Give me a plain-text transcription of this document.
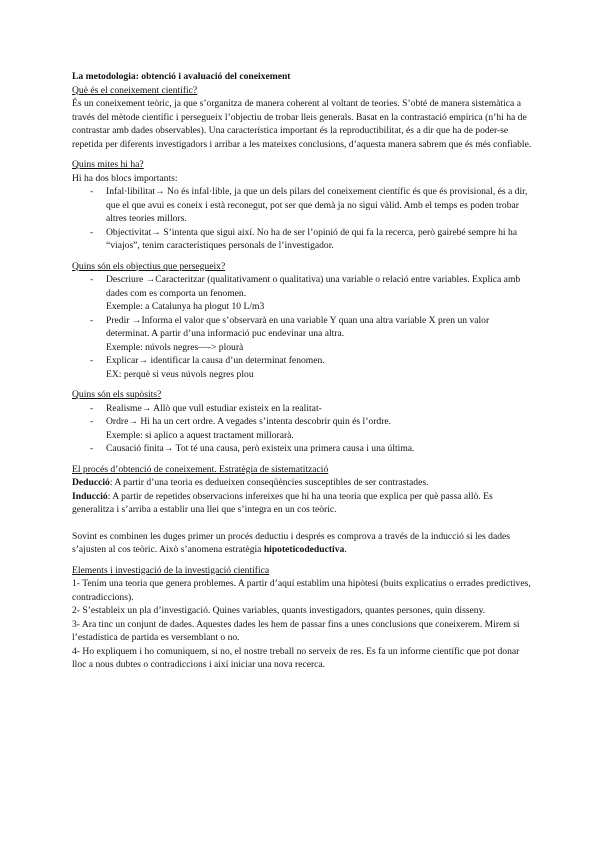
La metodologia: obtenció i avaluació del coneixement

Què és el coneixement científic?

És un coneixement teòric, ja que s’organitza de manera coherent al voltant de teories. S’obté de manera sistemàtica a través del mètode científic i persegueix l’objectiu de trobar lleis generals. Basat en la contrastació empírica (n’hi ha de contrastar amb dades observables). Una característica important és la reproductibilitat, és a dir que ha de poder-se repetida per diferents investigadors i arribar a les mateixes conclusions, d’aquesta manera sabrem que és més confiable.

Quins mites hi ha?

Hi ha dos blocs importants:

- Infal·libilitat→ No és infal·lible, ja que un dels pilars del coneixement científic és que és provisional, és a dir, que el que avui es coneix i està reconegut, pot ser que demà ja no sigui vàlid. Amb el temps es poden trobar altres teories millors.
- Objectivitat→ S’intenta que sigui així. No ha de ser l’opinió de qui fa la recerca, però gairebé sempre hi ha “viajos”, tenim característiques personals de l’investigador.

Quins són els objectius que persegueix?

- Descriure →Caracteritzar (qualitativament o qualitativa) una variable o relació entre variables. Explica amb dades com es comporta un fenomen.
Exemple: a Catalunya ha plogut 10 L/m3
- Predir →Informa el valor que s’observarà en una variable Y quan una altra variable X pren un valor determinat. A partir d’una informació puc endevinar una altra.
Exemple: núvols negres—-> plourà
- Explicar→ identificar la causa d’un determinat fenomen.
EX: perquè si veus núvols negres plou

Quins són els supòsits?

- Realisme→ Allò que vull estudiar existeix en la realitat-
- Ordre→ Hi ha un cert ordre. A vegades s’intenta descobrir quin és l’ordre.
Exemple: si aplico a aquest tractament millorarà.
- Causació finita→ Tot té una causa, però existeix una primera causa i una última.

El procés d’obtenció de coneixement. Estratègia de sistematització

Deducció: A partir d’una teoria es dedueixen conseqüències susceptibles de ser contrastades.

Inducció: A partir de repetides observacions infereixes que hi ha una teoria que explica per què passa allò. Es generalitza i s’arriba a establir una llei que s’integra en un cos teòric.

Sovint es combinen les duges primer un procés deductiu i després es comprova a través de la inducció si les dades s’ajusten al cos teòric. Això s’anomena estratègia hipoteticodeductiva.

Elements i investigació de la investigació científica

1- Tenim una teoria que genera problemes. A partir d’aquí establim una hipòtesi (buits explicatius o errades predictives, contradiccions).

2- S’estableix un pla d’investigació. Quines variables, quants investigadors, quantes persones, quin disseny.

3- Ara tinc un conjunt de dades. Aquestes dades les hem de passar fins a unes conclusions que coneixerem. Mirem si l’estadística de partida es versemblant o no.

4- Ho expliquem i ho comuniquem, si no, el nostre treball no serveix de res. Es fa un informe científic que pot donar lloc a nous dubtes o contradiccions i així iniciar una nova recerca.
